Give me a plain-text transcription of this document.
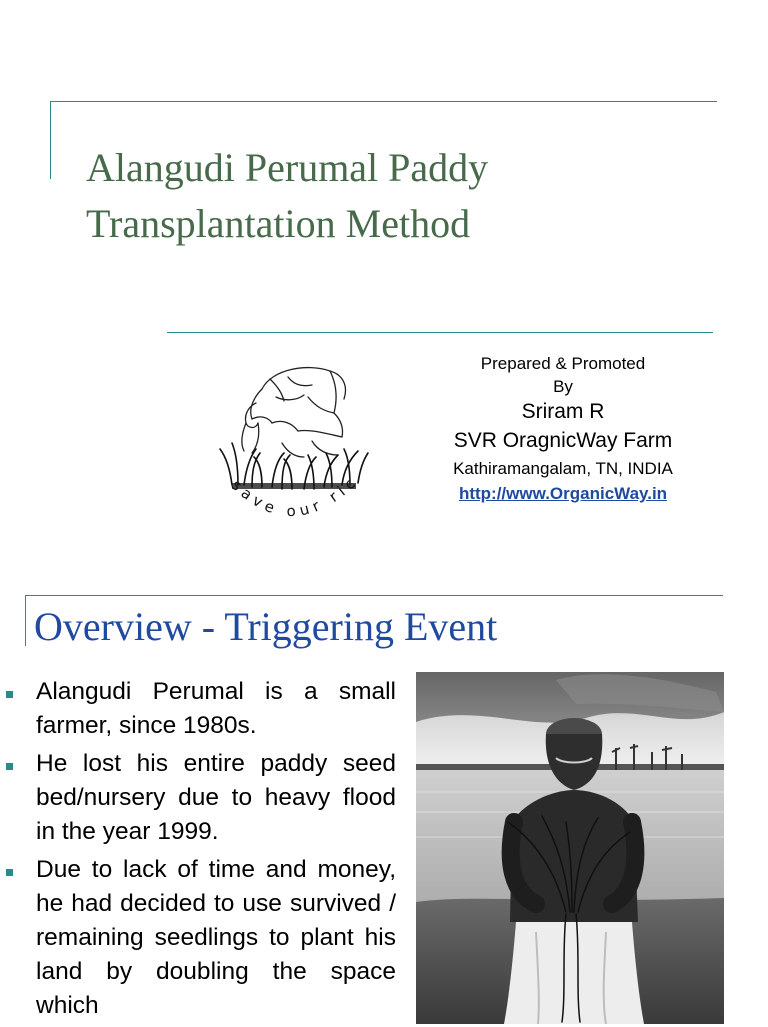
Alangudi Perumal Paddy
Transplantation Method
save our ric
Prepared & Promoted
By
Sriram R
SVR OragnicWay Farm
Kathiramangalam, TN, INDIA
http://www.OrganicWay.in
Overview - Triggering Event
Alangudi Perumal is a small farmer, since 1980s.
He lost his entire paddy seed bed/nursery due to heavy flood in the year 1999.
Due to lack of time and money, he had decided to use survived / remaining seedlings to plant his land by doubling the space which
